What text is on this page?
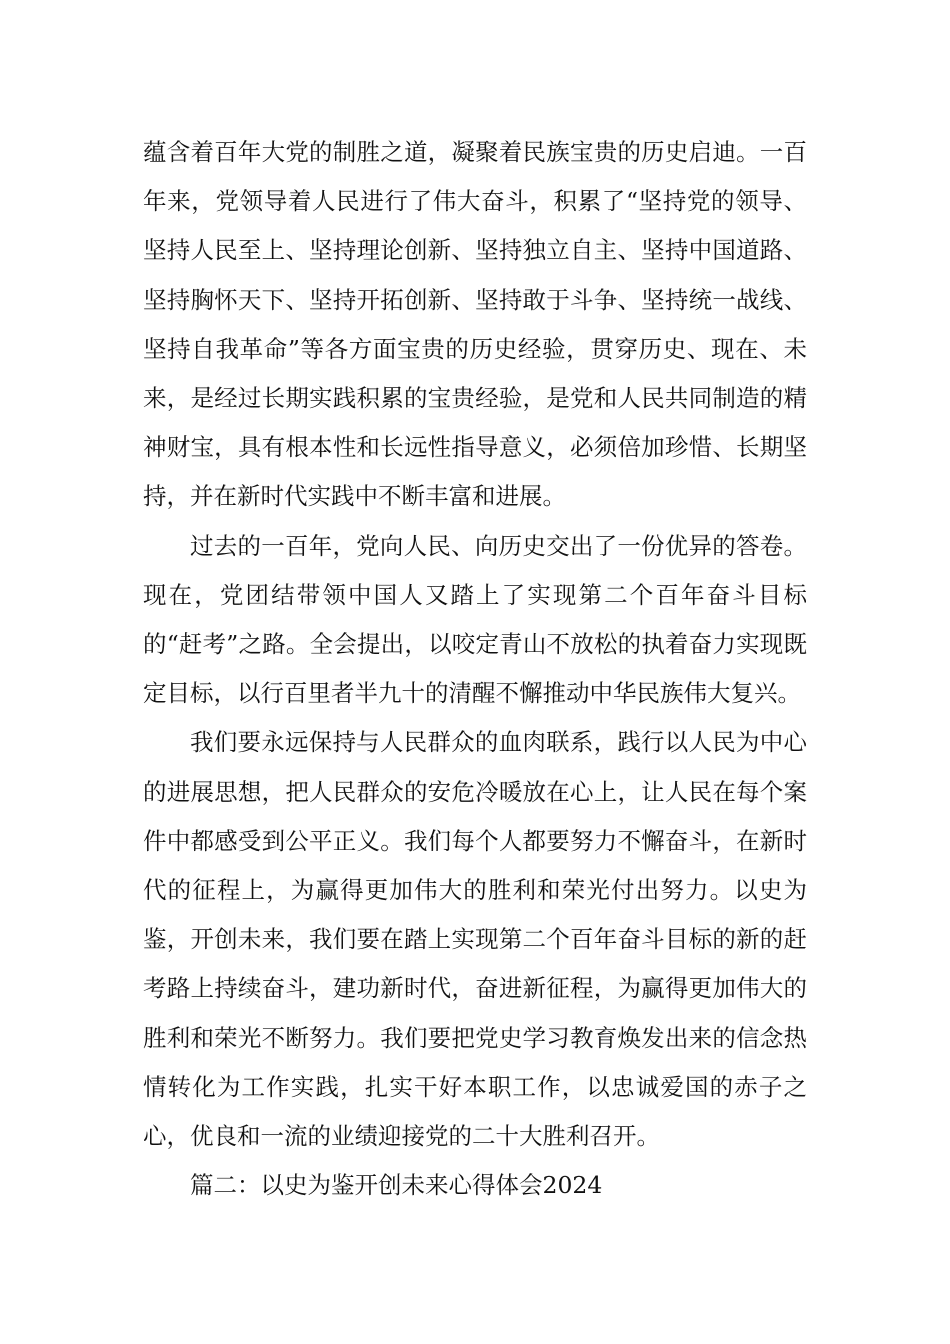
蕴含着百年大党的制胜之道，凝聚着民族宝贵的历史启迪。一百年来，党领导着人民进行了伟大奋斗，积累了“坚持党的领导、坚持人民至上、坚持理论创新、坚持独立自主、坚持中国道路、坚持胸怀天下、坚持开拓创新、坚持敢于斗争、坚持统一战线、坚持自我革命”等各方面宝贵的历史经验，贯穿历史、现在、未来，是经过长期实践积累的宝贵经验，是党和人民共同制造的精神财宝，具有根本性和长远性指导意义，必须倍加珍惜、长期坚持，并在新时代实践中不断丰富和进展。

过去的一百年，党向人民、向历史交出了一份优异的答卷。现在，党团结带领中国人又踏上了实现第二个百年奋斗目标的“赶考”之路。全会提出，以咬定青山不放松的执着奋力实现既定目标，以行百里者半九十的清醒不懈推动中华民族伟大复兴。

我们要永远保持与人民群众的血肉联系，践行以人民为中心的进展思想，把人民群众的安危冷暖放在心上，让人民在每个案件中都感受到公平正义。我们每个人都要努力不懈奋斗，在新时代的征程上，为赢得更加伟大的胜利和荣光付出努力。以史为鉴，开创未来，我们要在踏上实现第二个百年奋斗目标的新的赶考路上持续奋斗，建功新时代，奋进新征程，为赢得更加伟大的胜利和荣光不断努力。我们要把党史学习教育焕发出来的信念热情转化为工作实践，扎实干好本职工作，以忠诚爱国的赤子之心，优良和一流的业绩迎接党的二十大胜利召开。

篇二：以史为鉴开创未来心得体会2024
